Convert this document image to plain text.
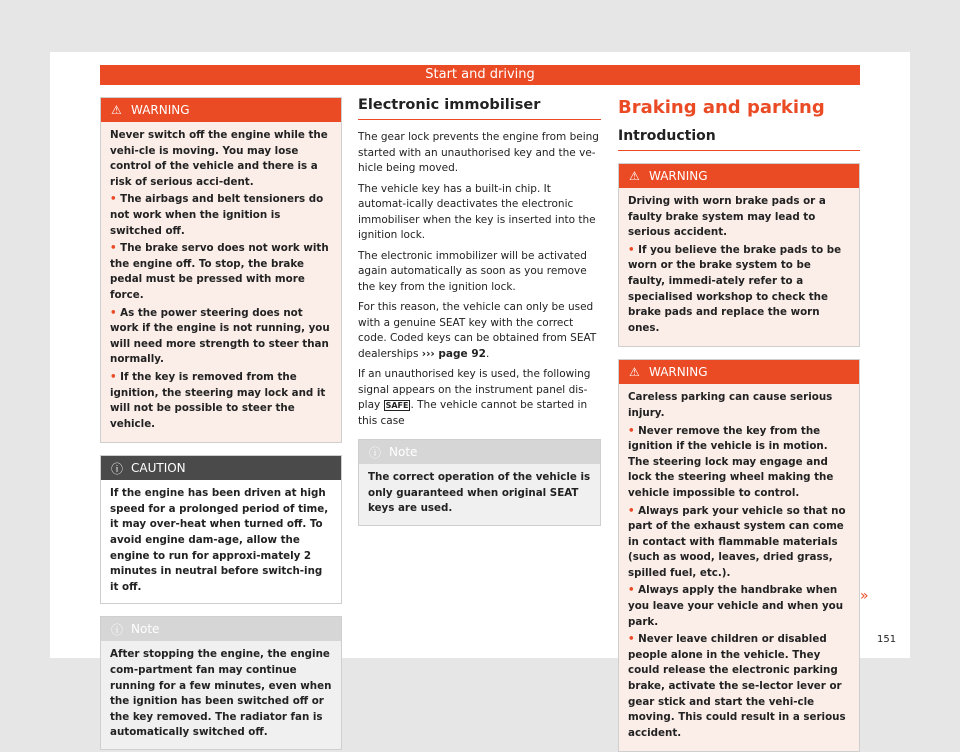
Start and driving
⚠ WARNING

Never switch off the engine while the vehi-cle is moving. You may lose control of the vehicle and there is a risk of serious acci-dent.

• The airbags and belt tensioners do not work when the ignition is switched off.

• The brake servo does not work with the engine off. To stop, the brake pedal must be pressed with more force.

• As the power steering does not work if the engine is not running, you will need more strength to steer than normally.

• If the key is removed from the ignition, the steering may lock and it will not be possible to steer the vehicle.

ⓘ CAUTION
If the engine has been driven at high speed for a prolonged period of time, it may over-heat when turned off. To avoid engine dam-age, allow the engine to run for approxi-mately 2 minutes in neutral before switch-ing it off.
ⓘ Note
After stopping the engine, the engine com-partment fan may continue running for a few minutes, even when the ignition has been switched off or the key removed. The radiator fan is automatically switched off.
Electronic immobiliser

The gear lock prevents the engine from being started with an unauthorised key and the ve-hicle being moved.

The vehicle key has a built-in chip. It automat-ically deactivates the electronic immobiliser when the key is inserted into the ignition lock.

The electronic immobilizer will be activated again automatically as soon as you remove the key from the ignition lock.

For this reason, the vehicle can only be used with a genuine SEAT key with the correct code. Coded keys can be obtained from SEAT dealerships ››› page 92.

If an unauthorised key is used, the following signal appears on the instrument panel dis-play SAFE . The vehicle cannot be started in this case

ⓘ Note
The correct operation of the vehicle is only guaranteed when original SEAT keys are used.
Braking and parking
Introduction
⚠ WARNING

Driving with worn brake pads or a faulty brake system may lead to serious accident.

• If you believe the brake pads to be worn or the brake system to be faulty, immedi-ately refer to a specialised workshop to check the brake pads and replace the worn ones.

⚠ WARNING

Careless parking can cause serious injury.

• Never remove the key from the ignition if the vehicle is in motion. The steering lock may engage and lock the steering wheel making the vehicle impossible to control.

• Always park your vehicle so that no part of the exhaust system can come in contact with flammable materials (such as wood, leaves, dried grass, spilled fuel, etc.).

• Always apply the handbrake when you leave your vehicle and when you park.

• Never leave children or disabled people alone in the vehicle. They could release the electronic parking brake, activate the se-lector lever or gear stick and start the vehi-cle moving. This could result in a serious accident.

»
151
